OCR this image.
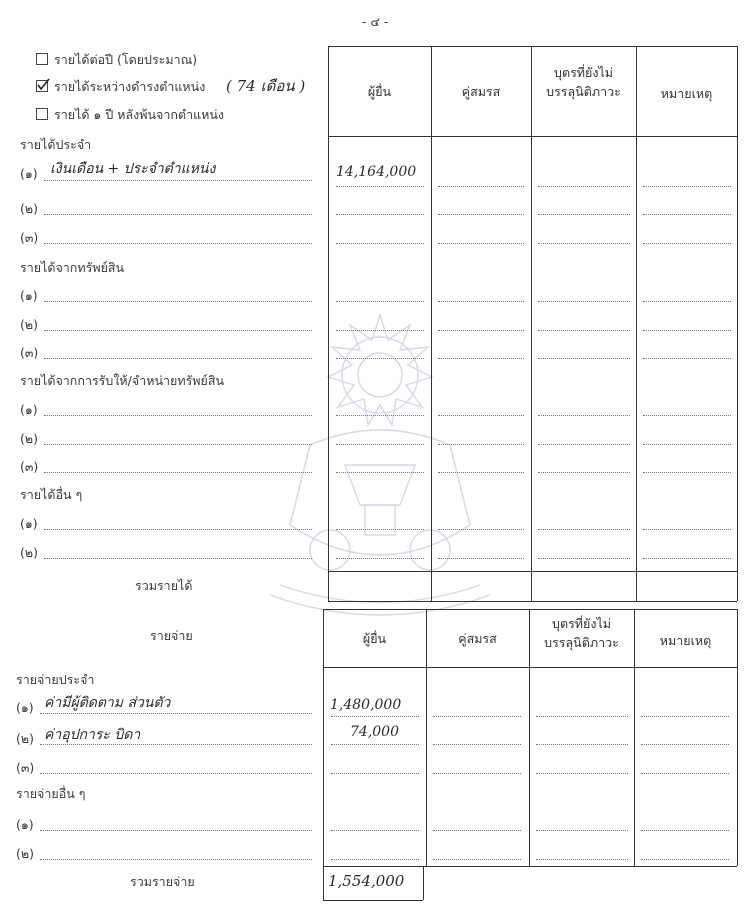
- ๔ -
รายได้ต่อปี (โดยประมาณ)
รายได้ระหว่างดำรงตำแหน่ง ( 74 เดือน )
รายได้ ๑ ปี หลังพ้นจากตำแหน่ง
ผู้ยื่น	คู่สมรส
บุตรที่ยังไม่
บรรลุนิติภาวะ	หมายเหตุ
รายได้ประจำ
(๑) เงินเดือน + ประจำตำแหน่ง	14,164,000
(๒)
(๓)
รายได้จากทรัพย์สิน
(๑)
(๒)
(๓)
รายได้จากการรับให้/จำหน่ายทรัพย์สิน
(๑)
(๒)
(๓)
รายได้อื่น ๆ
(๑)
(๒)
รวมรายได้
รายจ่าย	ผู้ยื่น	คู่สมรส
บุตรที่ยังไม่
บรรลุนิติภาวะ	หมายเหตุ
รายจ่ายประจำ
(๑) ค่ามีผู้ติดตาม ส่วนตัว	1,480,000
(๒) ค่าอุปการะ บิดา	74,000
(๓)
รายจ่ายอื่น ๆ
(๑)
(๒)
รวมรายจ่าย	1,554,000
